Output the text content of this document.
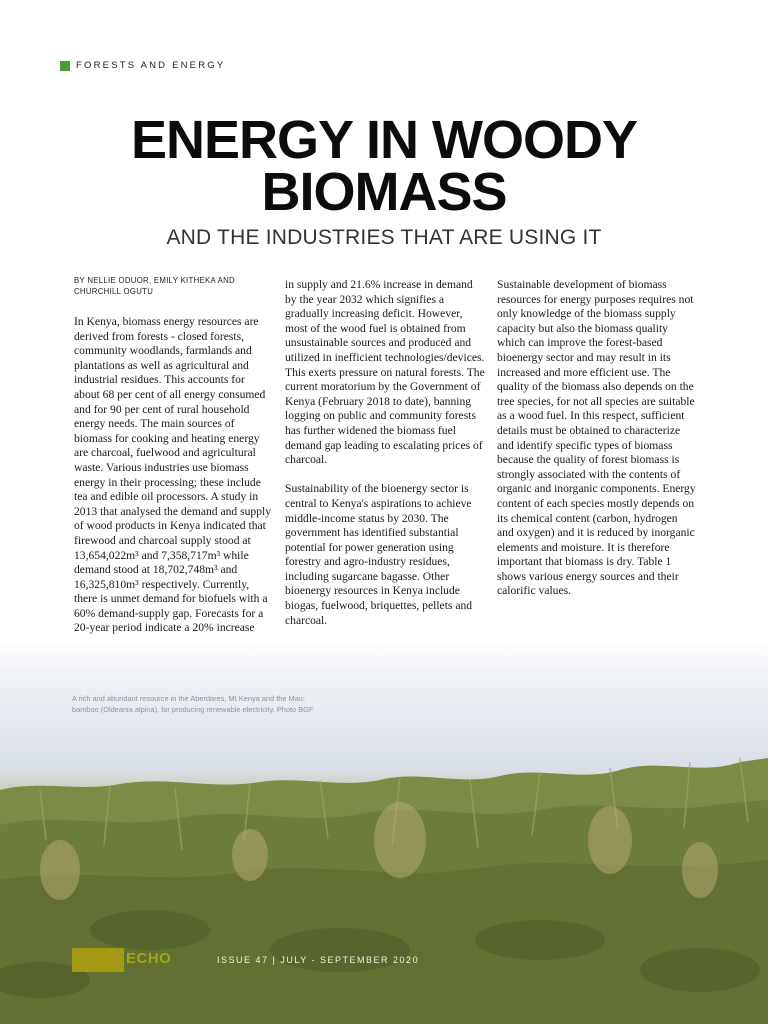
FORESTS AND ENERGY
ENERGY IN WOODY
BIOMASS
AND THE INDUSTRIES THAT ARE USING IT

BY NELLIE ODUOR, EMILY KITHEKA AND
CHURCHILL OGUTU

In Kenya, biomass energy resources are derived from forests - closed forests, community woodlands, farmlands and plantations as well as agricultural and industrial residues. This accounts for about 68 per cent of all energy consumed and for 90 per cent of rural household energy needs. The main sources of biomass for cooking and heating energy are charcoal, fuelwood and agricultural waste. Various industries use biomass energy in their processing; these include tea and edible oil processors. A study in 2013 that analysed the demand and supply of wood products in Kenya indicated that firewood and charcoal supply stood at 13,654,022m³ and 7,358,717m³ while demand stood at 18,702,748m³ and 16,325,810m³ respectively. Currently, there is unmet demand for biofuels with a 60% demand-supply gap. Forecasts for a 20-year period indicate a 20% increase

in supply and 21.6% increase in demand by the year 2032 which signifies a gradually increasing deficit. However, most of the wood fuel is obtained from unsustainable sources and produced and utilized in inefficient technologies/devices. This exerts pressure on natural forests. The current moratorium by the Government of Kenya (February 2018 to date), banning logging on public and community forests has further widened the biomass fuel demand gap leading to escalating prices of charcoal.

Sustainability of the bioenergy sector is central to Kenya's aspirations to achieve middle-income status by 2030. The government has identified substantial potential for power generation using forestry and agro-industry residues, including sugarcane bagasse. Other bioenergy resources in Kenya include biogas, fuelwood, briquettes, pellets and charcoal.

Sustainable development of biomass resources for energy purposes requires not only knowledge of the biomass supply capacity but also the biomass quality which can improve the forest-based bioenergy sector and may result in its increased and more efficient use. The quality of the biomass also depends on the tree species, for not all species are suitable as a wood fuel. In this respect, sufficient details must be obtained to characterize and identify specific types of biomass because the quality of forest biomass is strongly associated with the contents of organic and inorganic components. Energy content of each species mostly depends on its chemical content (carbon, hydrogen and oxygen) and it is reduced by inorganic elements and moisture. It is therefore important that biomass is dry. Table 1 shows various energy sources and their calorific values.

A rich and abundant resource in the Aberdares, Mt Kenya and the Mau:
bamboo (Oldeania alpina), for producing renewable electricity. Photo BGF
ECHO	ISSUE 47 | JULY - SEPTEMBER 2020
